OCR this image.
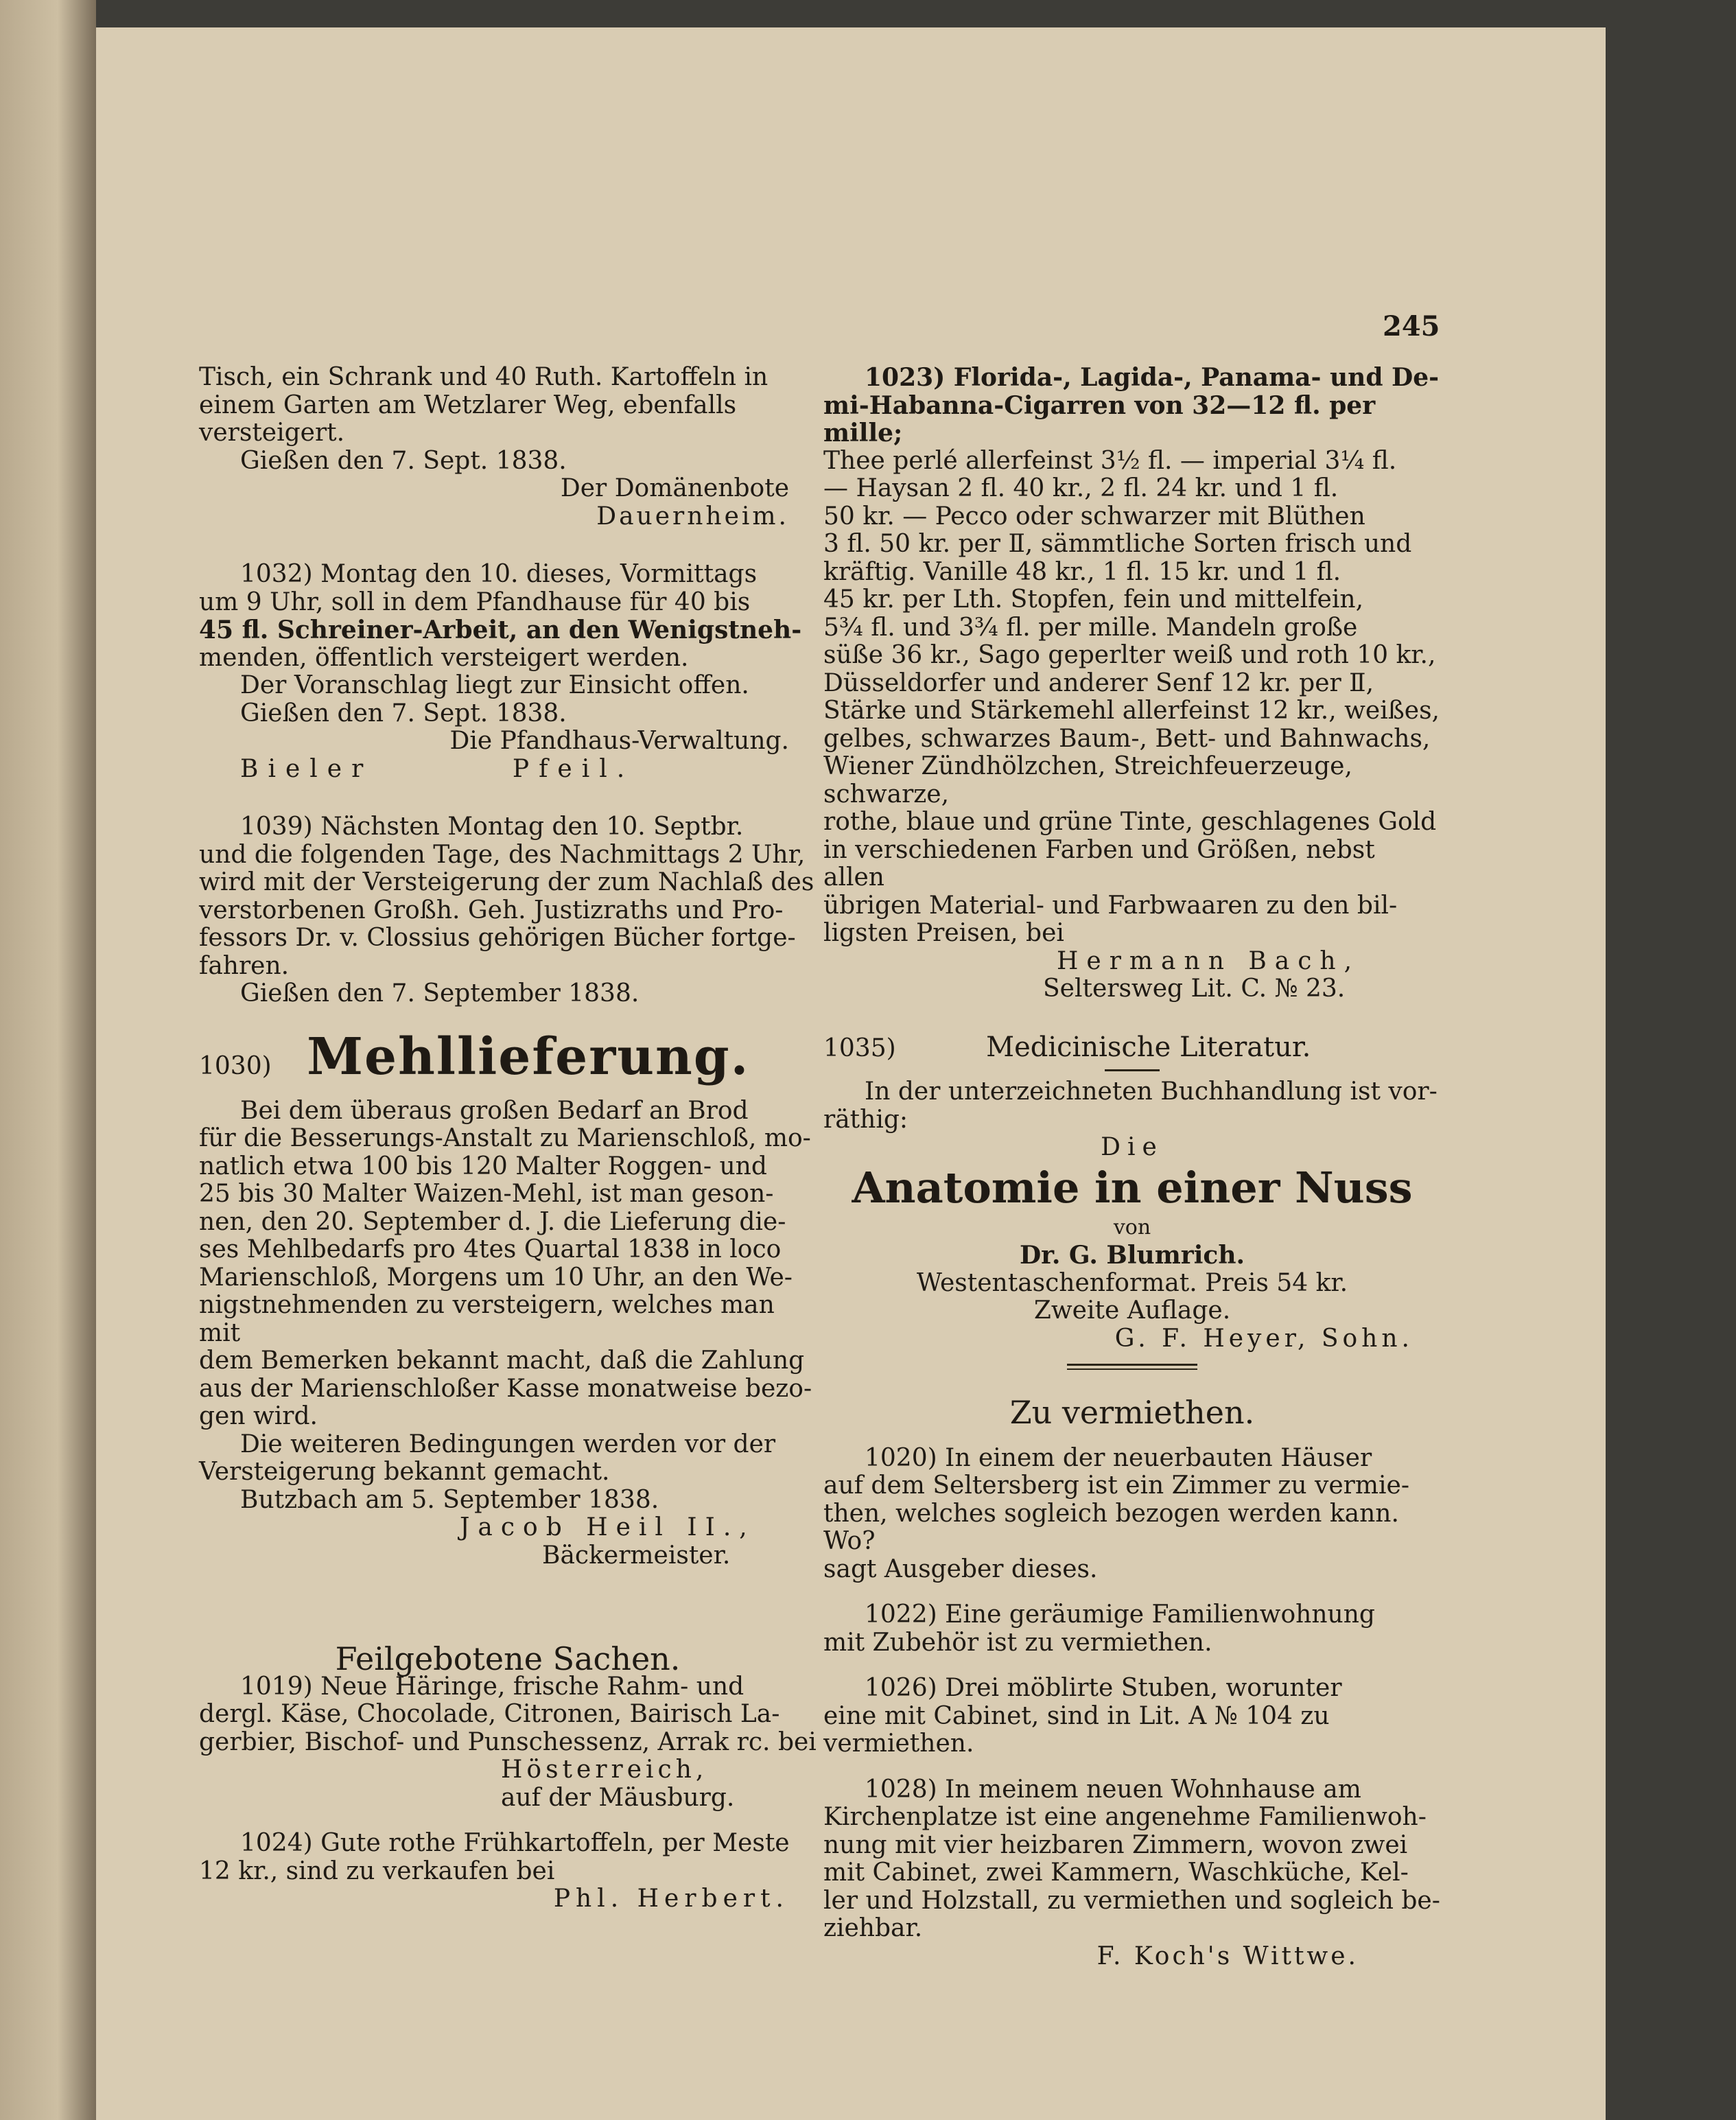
245

Tisch, ein Schrank und 40 Ruth. Kartoffeln in

einem Garten am Wetzlarer Weg, ebenfalls

versteigert.

Gießen den 7. Sept. 1838.

Der Domänenbote

Dauernheim.

1032) Montag den 10. dieses, Vormittags

um 9 Uhr, soll in dem Pfandhause für 40 bis

45 fl. Schreiner-Arbeit, an den Wenigstneh-

menden, öffentlich versteigert werden.

Der Voranschlag liegt zur Einsicht offen.

Gießen den 7. Sept. 1838.

Die Pfandhaus-Verwaltung.

Bieler        Pfeil.

1039) Nächsten Montag den 10. Septbr.

und die folgenden Tage, des Nachmittags 2 Uhr,

wird mit der Versteigerung der zum Nachlaß des

verstorbenen Großh. Geh. Justizraths und Pro-

fessors Dr. v. Clossius gehörigen Bücher fortge-

fahren.

Gießen den 7. September 1838.

1030) Mehllieferung.

Bei dem überaus großen Bedarf an Brod

für die Besserungs-Anstalt zu Marienschloß, mo-

natlich etwa 100 bis 120 Malter Roggen- und

25 bis 30 Malter Waizen-Mehl, ist man geson-

nen, den 20. September d. J. die Lieferung die-

ses Mehlbedarfs pro 4tes Quartal 1838 in loco

Marienschloß, Morgens um 10 Uhr, an den We-

nigstnehmenden zu versteigern, welches man mit

dem Bemerken bekannt macht, daß die Zahlung

aus der Marienschloßer Kasse monatweise bezo-

gen wird.

Die weiteren Bedingungen werden vor der

Versteigerung bekannt gemacht.

Butzbach am 5. September 1838.

Jacob Heil II.,

Bäckermeister.

Feilgebotene Sachen.

1019) Neue Häringe, frische Rahm- und

dergl. Käse, Chocolade, Citronen, Bairisch La-

gerbier, Bischof- und Punschessenz, Arrak rc. bei

Hösterreich,

auf der Mäusburg.

1024) Gute rothe Frühkartoffeln, per Meste

12 kr., sind zu verkaufen bei

Phl. Herbert.

1023) Florida-, Lagida-, Panama- und De-

mi-Habanna-Cigarren von 32—12 fl. per mille;

Thee perlé allerfeinst 3½ fl. — imperial 3¼ fl.

— Haysan 2 fl. 40 kr., 2 fl. 24 kr. und 1 fl.

50 kr. — Pecco oder schwarzer mit Blüthen

3 fl. 50 kr. per Ⅱ, sämmtliche Sorten frisch und

kräftig. Vanille 48 kr., 1 fl. 15 kr. und 1 fl.

45 kr. per Lth. Stopfen, fein und mittelfein,

5¾ fl. und 3¾ fl. per mille. Mandeln große

süße 36 kr., Sago geperlter weiß und roth 10 kr.,

Düsseldorfer und anderer Senf 12 kr. per Ⅱ,

Stärke und Stärkemehl allerfeinst 12 kr., weißes,

gelbes, schwarzes Baum-, Bett- und Bahnwachs,

Wiener Zündhölzchen, Streichfeuerzeuge, schwarze,

rothe, blaue und grüne Tinte, geschlagenes Gold

in verschiedenen Farben und Größen, nebst allen

übrigen Material- und Farbwaaren zu den bil-

ligsten Preisen, bei

Hermann Bach,

Seltersweg Lit. C. № 23.

1035)	Medicinische Literatur.

In der unterzeichneten Buchhandlung ist vor-

räthig:

Die

Anatomie in einer Nuss

von

Dr. G. Blumrich.

Westentaschenformat. Preis 54 kr.

Zweite Auflage.

G. F. Heyer, Sohn.

Zu vermiethen.

1020) In einem der neuerbauten Häuser

auf dem Seltersberg ist ein Zimmer zu vermie-

then, welches sogleich bezogen werden kann. Wo?

sagt Ausgeber dieses.

1022) Eine geräumige Familienwohnung

mit Zubehör ist zu vermiethen.

1026) Drei möblirte Stuben, worunter

eine mit Cabinet, sind in Lit. A № 104 zu

vermiethen.

1028) In meinem neuen Wohnhause am

Kirchenplatze ist eine angenehme Familienwoh-

nung mit vier heizbaren Zimmern, wovon zwei

mit Cabinet, zwei Kammern, Waschküche, Kel-

ler und Holzstall, zu vermiethen und sogleich be-

ziehbar.

F. Koch's Wittwe.
